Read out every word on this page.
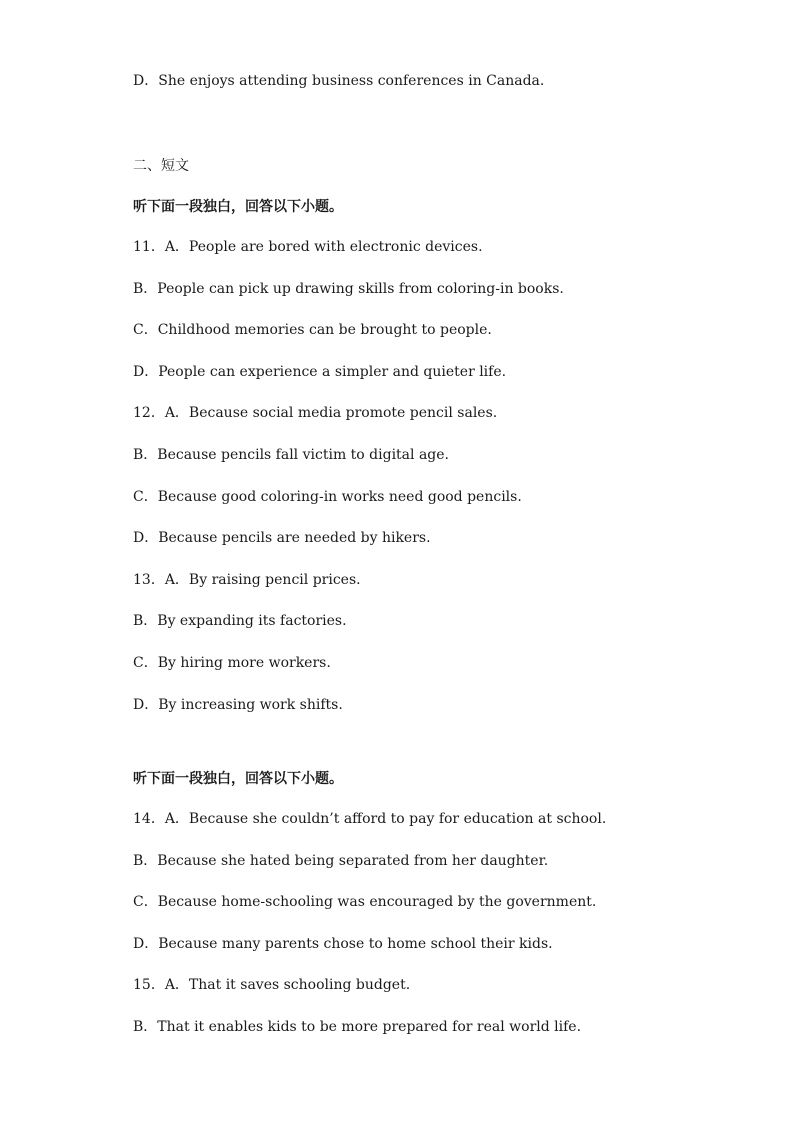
D．She enjoys attending business conferences in Canada.
二、短文
听下面一段独白，回答以下小题。
11．A．People are bored with electronic devices.
B．People can pick up drawing skills from coloring-in books.
C．Childhood memories can be brought to people.
D．People can experience a simpler and quieter life.
12．A．Because social media promote pencil sales.
B．Because pencils fall victim to digital age.
C．Because good coloring-in works need good pencils.
D．Because pencils are needed by hikers.
13．A．By raising pencil prices.
B．By expanding its factories.
C．By hiring more workers.
D．By increasing work shifts.
听下面一段独白，回答以下小题。
14．A．Because she couldn’t afford to pay for education at school.
B．Because she hated being separated from her daughter.
C．Because home-schooling was encouraged by the government.
D．Because many parents chose to home school their kids.
15．A．That it saves schooling budget.
B．That it enables kids to be more prepared for real world life.
